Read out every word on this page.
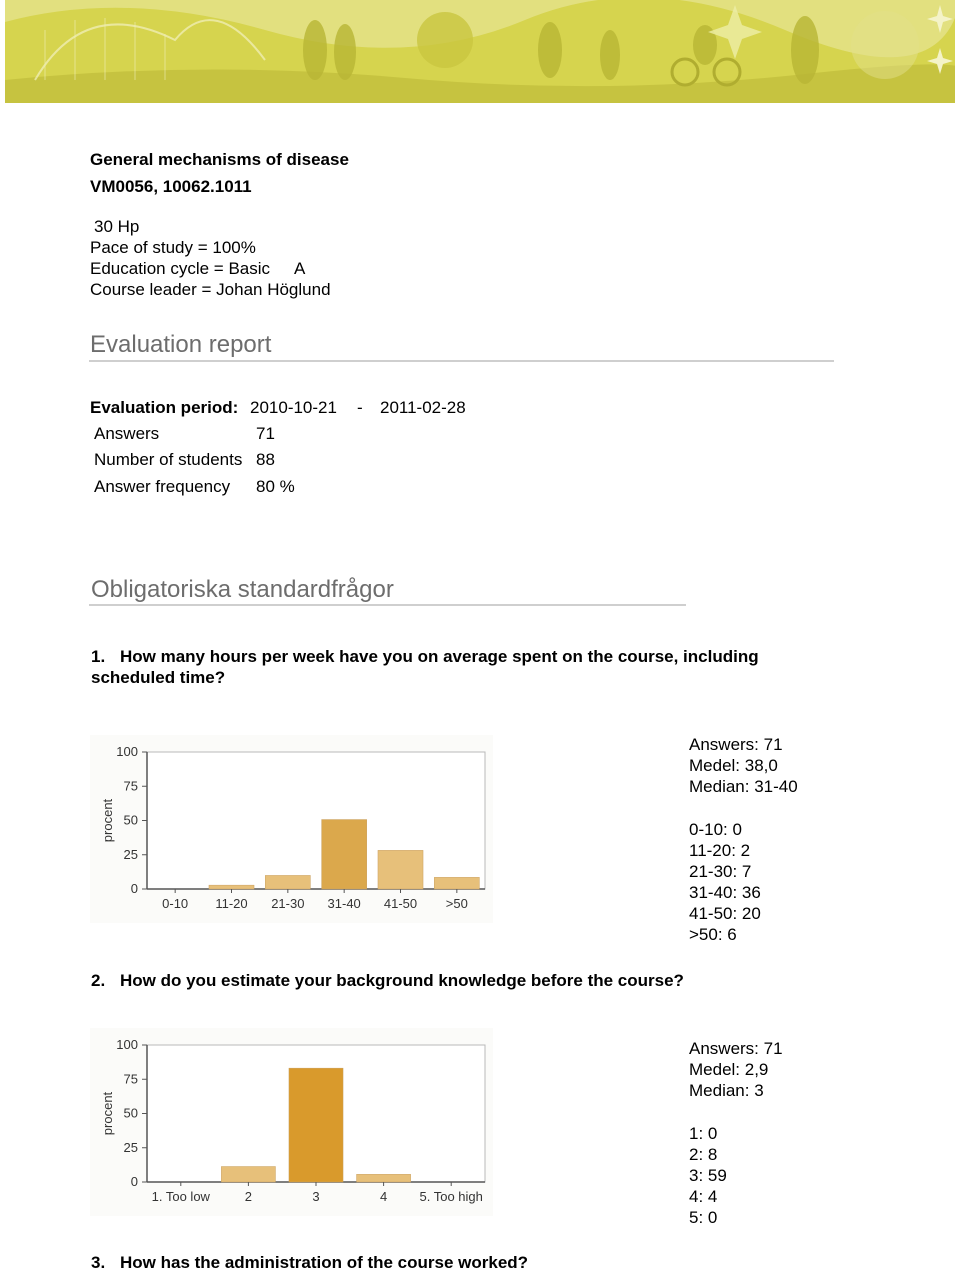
General mechanisms of disease
VM0056, 10062.1011
30 Hp
Pace of study = 100%
Education cycle = Basic A
Course leader = Johan Höglund
Evaluation report
Evaluation period: 2010-10-21 - 2011-02-28
Answers	71
Number of students 88
Answer frequency 80 %
Obligatoriska standardfrågor
1. How many hours per week have you on average spent on the course, including
scheduled time?
0
25
50
75
100
procent
0-10 11-20 21-30 31-40 41-50 >50
Answers: 71
Medel: 38,0
Median: 31-40
0-10: 0
11-20: 2
21-30: 7
31-40: 36
41-50: 20
>50: 6
2. How do you estimate your background knowledge before the course?
0
25
50
75
100
procent
1. Too low	2	3	4 5. Too high
Answers: 71
Medel: 2,9
Median: 3
1: 0
2: 8
3: 59
4: 4
5: 0
3. How has the administration of the course worked?
